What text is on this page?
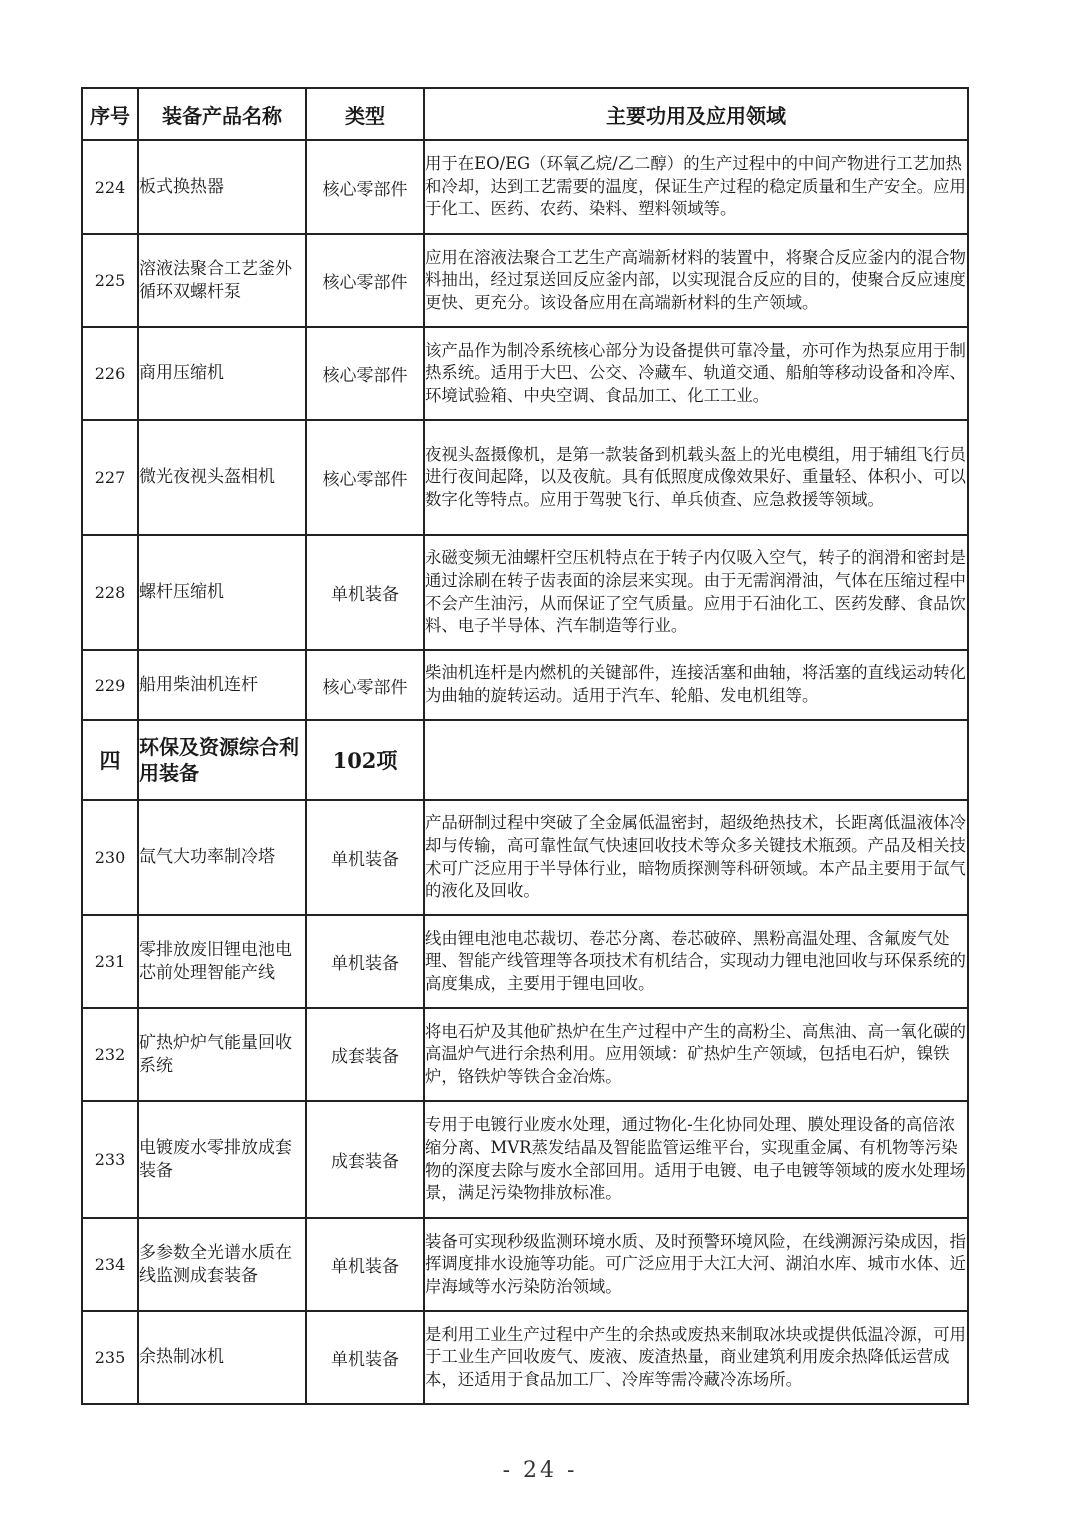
序号	装备产品名称	类型	主要功用及应用领域
224	板式换热器	核心零部件	用于在EO/EG（环氧乙烷/乙二醇）的生产过程中的中间产物进行工艺加热和冷却，达到工艺需要的温度，保证生产过程的稳定质量和生产安全。应用于化工、医药、农药、染料、塑料领域等。
225	溶液法聚合工艺釜外循环双螺杆泵	核心零部件	应用在溶液法聚合工艺生产高端新材料的装置中，将聚合反应釜内的混合物料抽出，经过泵送回反应釜内部，以实现混合反应的目的，使聚合反应速度更快、更充分。该设备应用在高端新材料的生产领域。
226	商用压缩机	核心零部件	该产品作为制冷系统核心部分为设备提供可靠冷量，亦可作为热泵应用于制热系统。适用于大巴、公交、冷藏车、轨道交通、船舶等移动设备和冷库、环境试验箱、中央空调、食品加工、化工工业。
227	微光夜视头盔相机	核心零部件	夜视头盔摄像机，是第一款装备到机载头盔上的光电模组，用于辅组飞行员进行夜间起降，以及夜航。具有低照度成像效果好、重量轻、体积小、可以数字化等特点。应用于驾驶飞行、单兵侦查、应急救援等领域。
228	螺杆压缩机	单机装备	永磁变频无油螺杆空压机特点在于转子内仅吸入空气，转子的润滑和密封是通过涂刷在转子齿表面的涂层来实现。由于无需润滑油，气体在压缩过程中不会产生油污，从而保证了空气质量。应用于石油化工、医药发酵、食品饮料、电子半导体、汽车制造等行业。
229	船用柴油机连杆	核心零部件	柴油机连杆是内燃机的关键部件，连接活塞和曲轴，将活塞的直线运动转化为曲轴的旋转运动。适用于汽车、轮船、发电机组等。
四	环保及资源综合利用装备	102项	
230	氙气大功率制冷塔	单机装备	产品研制过程中突破了全金属低温密封，超级绝热技术，长距离低温液体冷却与传输，高可靠性氙气快速回收技术等众多关键技术瓶颈。产品及相关技术可广泛应用于半导体行业，暗物质探测等科研领域。本产品主要用于氙气的液化及回收。
231	零排放废旧锂电池电芯前处理智能产线	单机装备	线由锂电池电芯裁切、卷芯分离、卷芯破碎、黑粉高温处理、含氟废气处理、智能产线管理等各项技术有机结合，实现动力锂电池回收与环保系统的高度集成，主要用于锂电回收。
232	矿热炉炉气能量回收系统	成套装备	将电石炉及其他矿热炉在生产过程中产生的高粉尘、高焦油、高一氧化碳的高温炉气进行余热利用。应用领域：矿热炉生产领域，包括电石炉，镍铁炉，铬铁炉等铁合金冶炼。
233	电镀废水零排放成套装备	成套装备	专用于电镀行业废水处理，通过物化-生化协同处理、膜处理设备的高倍浓缩分离、MVR蒸发结晶及智能监管运维平台，实现重金属、有机物等污染物的深度去除与废水全部回用。适用于电镀、电子电镀等领域的废水处理场景，满足污染物排放标准。
234	多参数全光谱水质在线监测成套装备	单机装备	装备可实现秒级监测环境水质、及时预警环境风险，在线溯源污染成因，指挥调度排水设施等功能。可广泛应用于大江大河、湖泊水库、城市水体、近岸海域等水污染防治领域。
235	余热制冰机	单机装备	是利用工业生产过程中产生的余热或废热来制取冰块或提供低温冷源，可用于工业生产回收废气、废液、废渣热量，商业建筑利用废余热降低运营成本，还适用于食品加工厂、冷库等需冷藏冷冻场所。
- 24 -
